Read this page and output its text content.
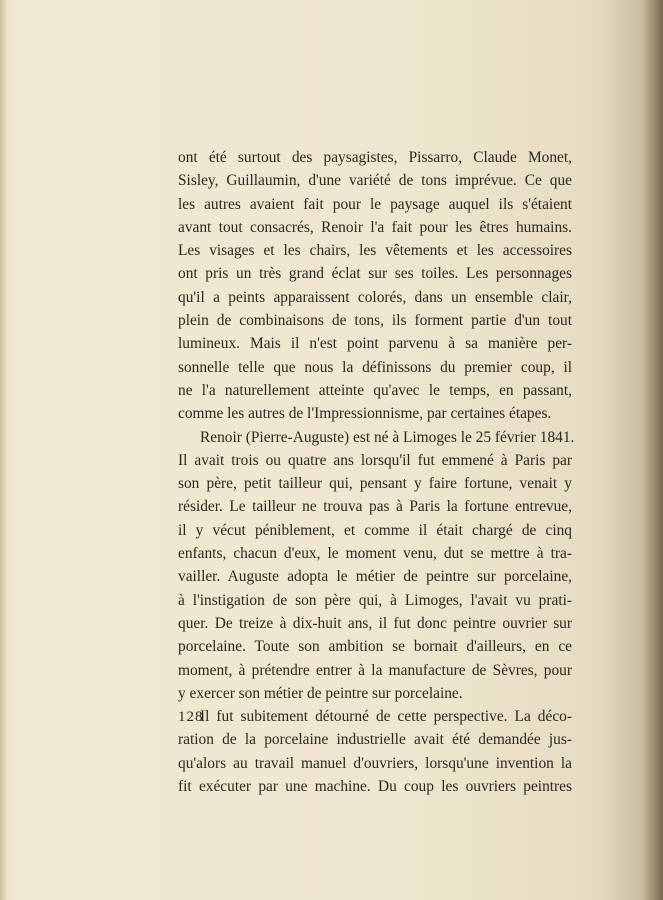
ont été surtout des paysagistes, Pissarro, Claude Monet,
Sisley, Guillaumin, d'une variété de tons imprévue. Ce que
les autres avaient fait pour le paysage auquel ils s'étaient
avant tout consacrés, Renoir l'a fait pour les êtres humains.
Les visages et les chairs, les vêtements et les accessoires
ont pris un très grand éclat sur ses toiles. Les personnages
qu'il a peints apparaissent colorés, dans un ensemble clair,
plein de combinaisons de tons, ils forment partie d'un tout
lumineux. Mais il n'est point parvenu à sa manière per-
sonnelle telle que nous la définissons du premier coup, il
ne l'a naturellement atteinte qu'avec le temps, en passant,
comme les autres de l'Impressionnisme, par certaines étapes.
Renoir (Pierre-Auguste) est né à Limoges le 25 février 1841.
Il avait trois ou quatre ans lorsqu'il fut emmené à Paris par
son père, petit tailleur qui, pensant y faire fortune, venait y
résider. Le tailleur ne trouva pas à Paris la fortune entrevue,
il y vécut péniblement, et comme il était chargé de cinq
enfants, chacun d'eux, le moment venu, dut se mettre à tra-
vailler. Auguste adopta le métier de peintre sur porcelaine,
à l'instigation de son père qui, à Limoges, l'avait vu prati-
quer. De treize à dix-huit ans, il fut donc peintre ouvrier sur
porcelaine. Toute son ambition se bornait d'ailleurs, en ce
moment, à prétendre entrer à la manufacture de Sèvres, pour
y exercer son métier de peintre sur porcelaine.
Il fut subitement détourné de cette perspective. La déco-
ration de la porcelaine industrielle avait été demandée jus-
qu'alors au travail manuel d'ouvriers, lorsqu'une invention la
fit exécuter par une machine. Du coup les ouvriers peintres
128
